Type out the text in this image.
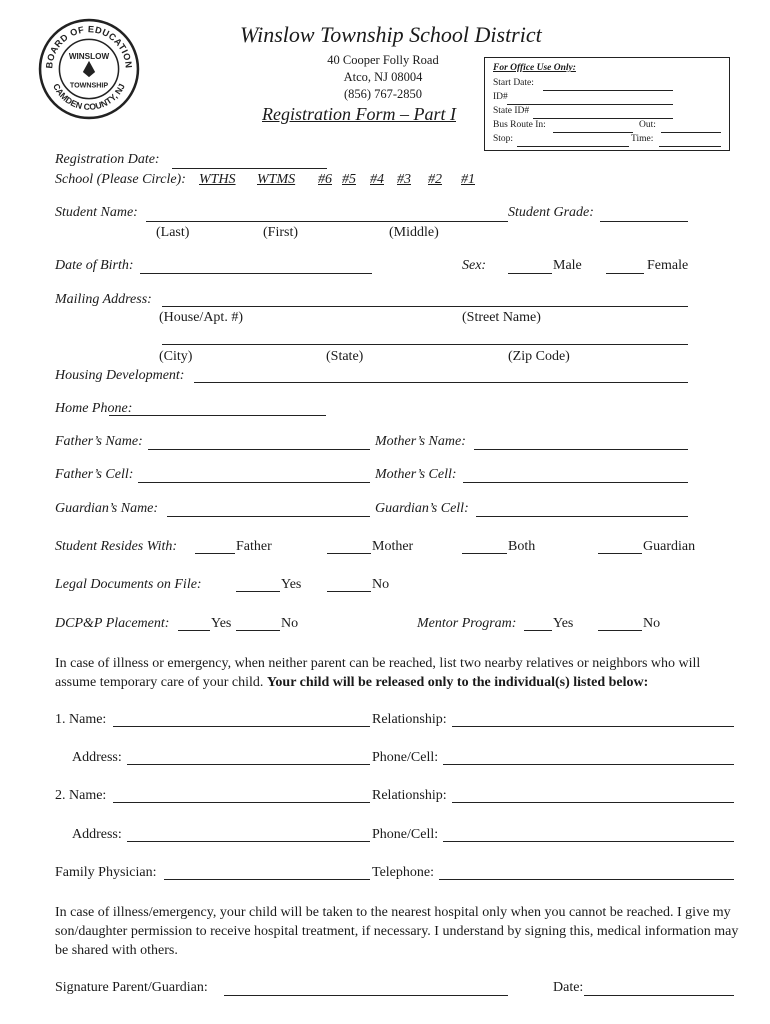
BOARD OF EDUCATION
CAMDEN COUNTY, NJ
WINSLOW
TOWNSHIP
Winslow Township School District
40 Cooper Folly Road
Atco, NJ 08004
(856) 767-2850
Registration Form – Part I
For Office Use Only:
Start Date:
ID#
State ID#
Bus Route In:	Out:
Stop:	Time:
Registration Date:
School (Please Circle): WTHS WTMS #6 #5 #4 #3 #2 #1
Student Name:	Student Grade:
(Last)	(First)	(Middle)
Date of Birth:	Sex:	Male	Female
Mailing Address:
(House/Apt. #)	(Street Name)
(City)	(State)	(Zip Code)
Housing Development:
Home Phone:
Father’s Name:	Mother’s Name:
Father’s Cell:	Mother’s Cell:
Guardian’s Name:	Guardian’s Cell:
Student Resides With:	Father	Mother	Both	Guardian
Legal Documents on File:	Yes	No
DCP&P Placement:	Yes	No	Mentor Program:	Yes	No
In case of illness or emergency, when neither parent can be reached, list two nearby relatives or neighbors who will assume temporary care of your child. Your child will be released only to the individual(s) listed below:
1. Name:	Relationship:
Address:	Phone/Cell:
2. Name:	Relationship:
Address:	Phone/Cell:
Family Physician:	Telephone:
In case of illness/emergency, your child will be taken to the nearest hospital only when you cannot be reached. I give my son/daughter permission to receive hospital treatment, if necessary. I understand by signing this, medical information may be shared with others.
Signature Parent/Guardian:	Date:
